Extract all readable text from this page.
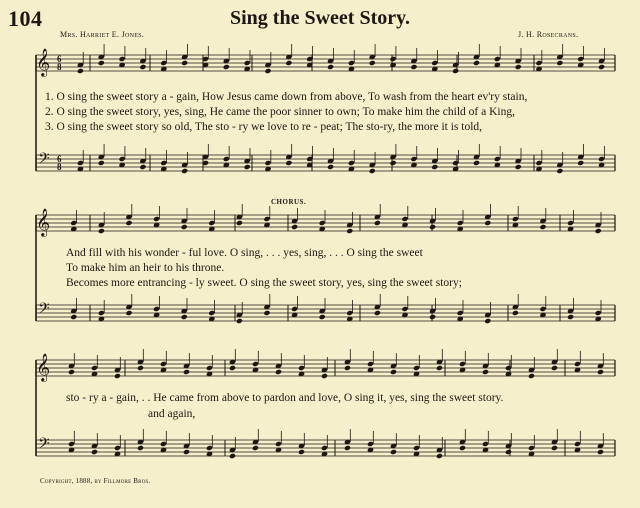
104	Sing the Sweet Story.
Mrs. Harriet E. Jones.	J. H. Rosecrans.
𝄞 6
8
𝄢 6
8
𝄞
𝄢
𝄞
𝄢
1. O sing the sweet story a - gain, How Jesus came down from above, To wash from the heart ev'ry stain,
2. O sing the sweet story, yes, sing, He came the poor sinner to own; To make him the child of a King,
3. O sing the sweet story so old, The sto - ry we love to re - peat; The sto-ry, the more it is told,
CHORUS.
And fill with his wonder - ful love. O sing, . . . yes, sing, . . . O sing the sweet
To make him an heir to his throne.
Becomes more entrancing - ly sweet. O sing the sweet story, yes, sing the sweet story;
sto - ry a - gain, . . He came from above to pardon and love, O sing it, yes, sing the sweet story.
and again,
Copyright, 1888, by Fillmore Bros.
